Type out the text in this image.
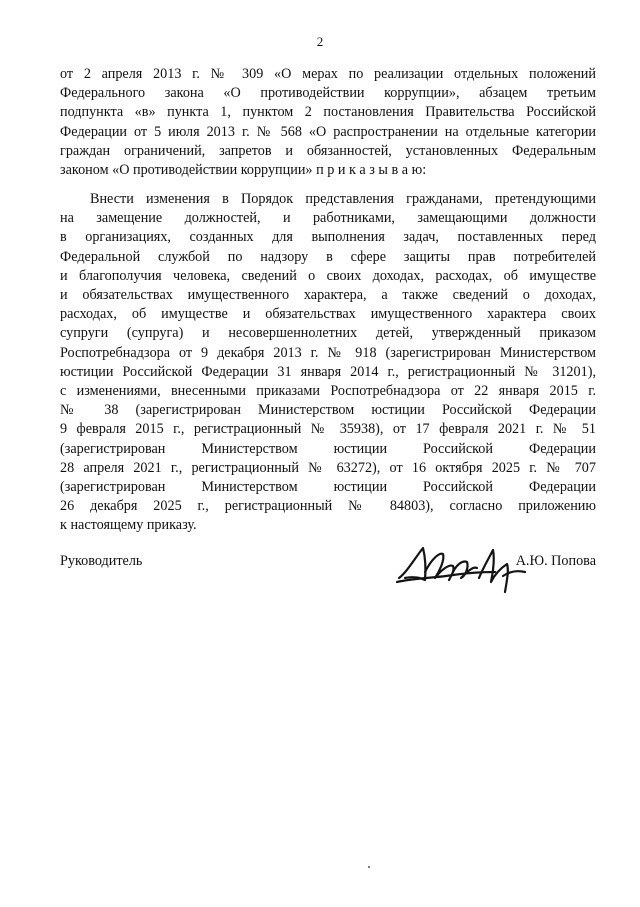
2
от 2 апреля 2013 г. № 309 «О мерах по реализации отдельных положений
Федерального закона «О противодействии коррупции», абзацем третьим
подпункта «в» пункта 1, пунктом 2 постановления Правительства Российской
Федерации от 5 июля 2013 г. № 568 «О распространении на отдельные категории
граждан ограничений, запретов и обязанностей, установленных Федеральным
законом «О противодействии коррупции» п р и к а з ы в а ю:
Внести изменения в Порядок представления гражданами, претендующими
на замещение должностей, и работниками, замещающими должности
в организациях, созданных для выполнения задач, поставленных перед
Федеральной службой по надзору в сфере защиты прав потребителей
и благополучия человека, сведений о своих доходах, расходах, об имуществе
и обязательствах имущественного характера, а также сведений о доходах,
расходах, об имуществе и обязательствах имущественного характера своих
супруги (супруга) и несовершеннолетних детей, утвержденный приказом
Роспотребнадзора от 9 декабря 2013 г. № 918 (зарегистрирован Министерством
юстиции Российской Федерации 31 января 2014 г., регистрационный № 31201),
с изменениями, внесенными приказами Роспотребнадзора от 22 января 2015 г.
№ 38 (зарегистрирован Министерством юстиции Российской Федерации
9 февраля 2015 г., регистрационный № 35938), от 17 февраля 2021 г. № 51
(зарегистрирован Министерством юстиции Российской Федерации
28 апреля 2021 г., регистрационный № 63272), от 16 октября 2025 г. № 707
(зарегистрирован Министерством юстиции Российской Федерации
26 декабря 2025 г., регистрационный № 84803), согласно приложению
к настоящему приказу.
Руководитель	А.Ю. Попова
